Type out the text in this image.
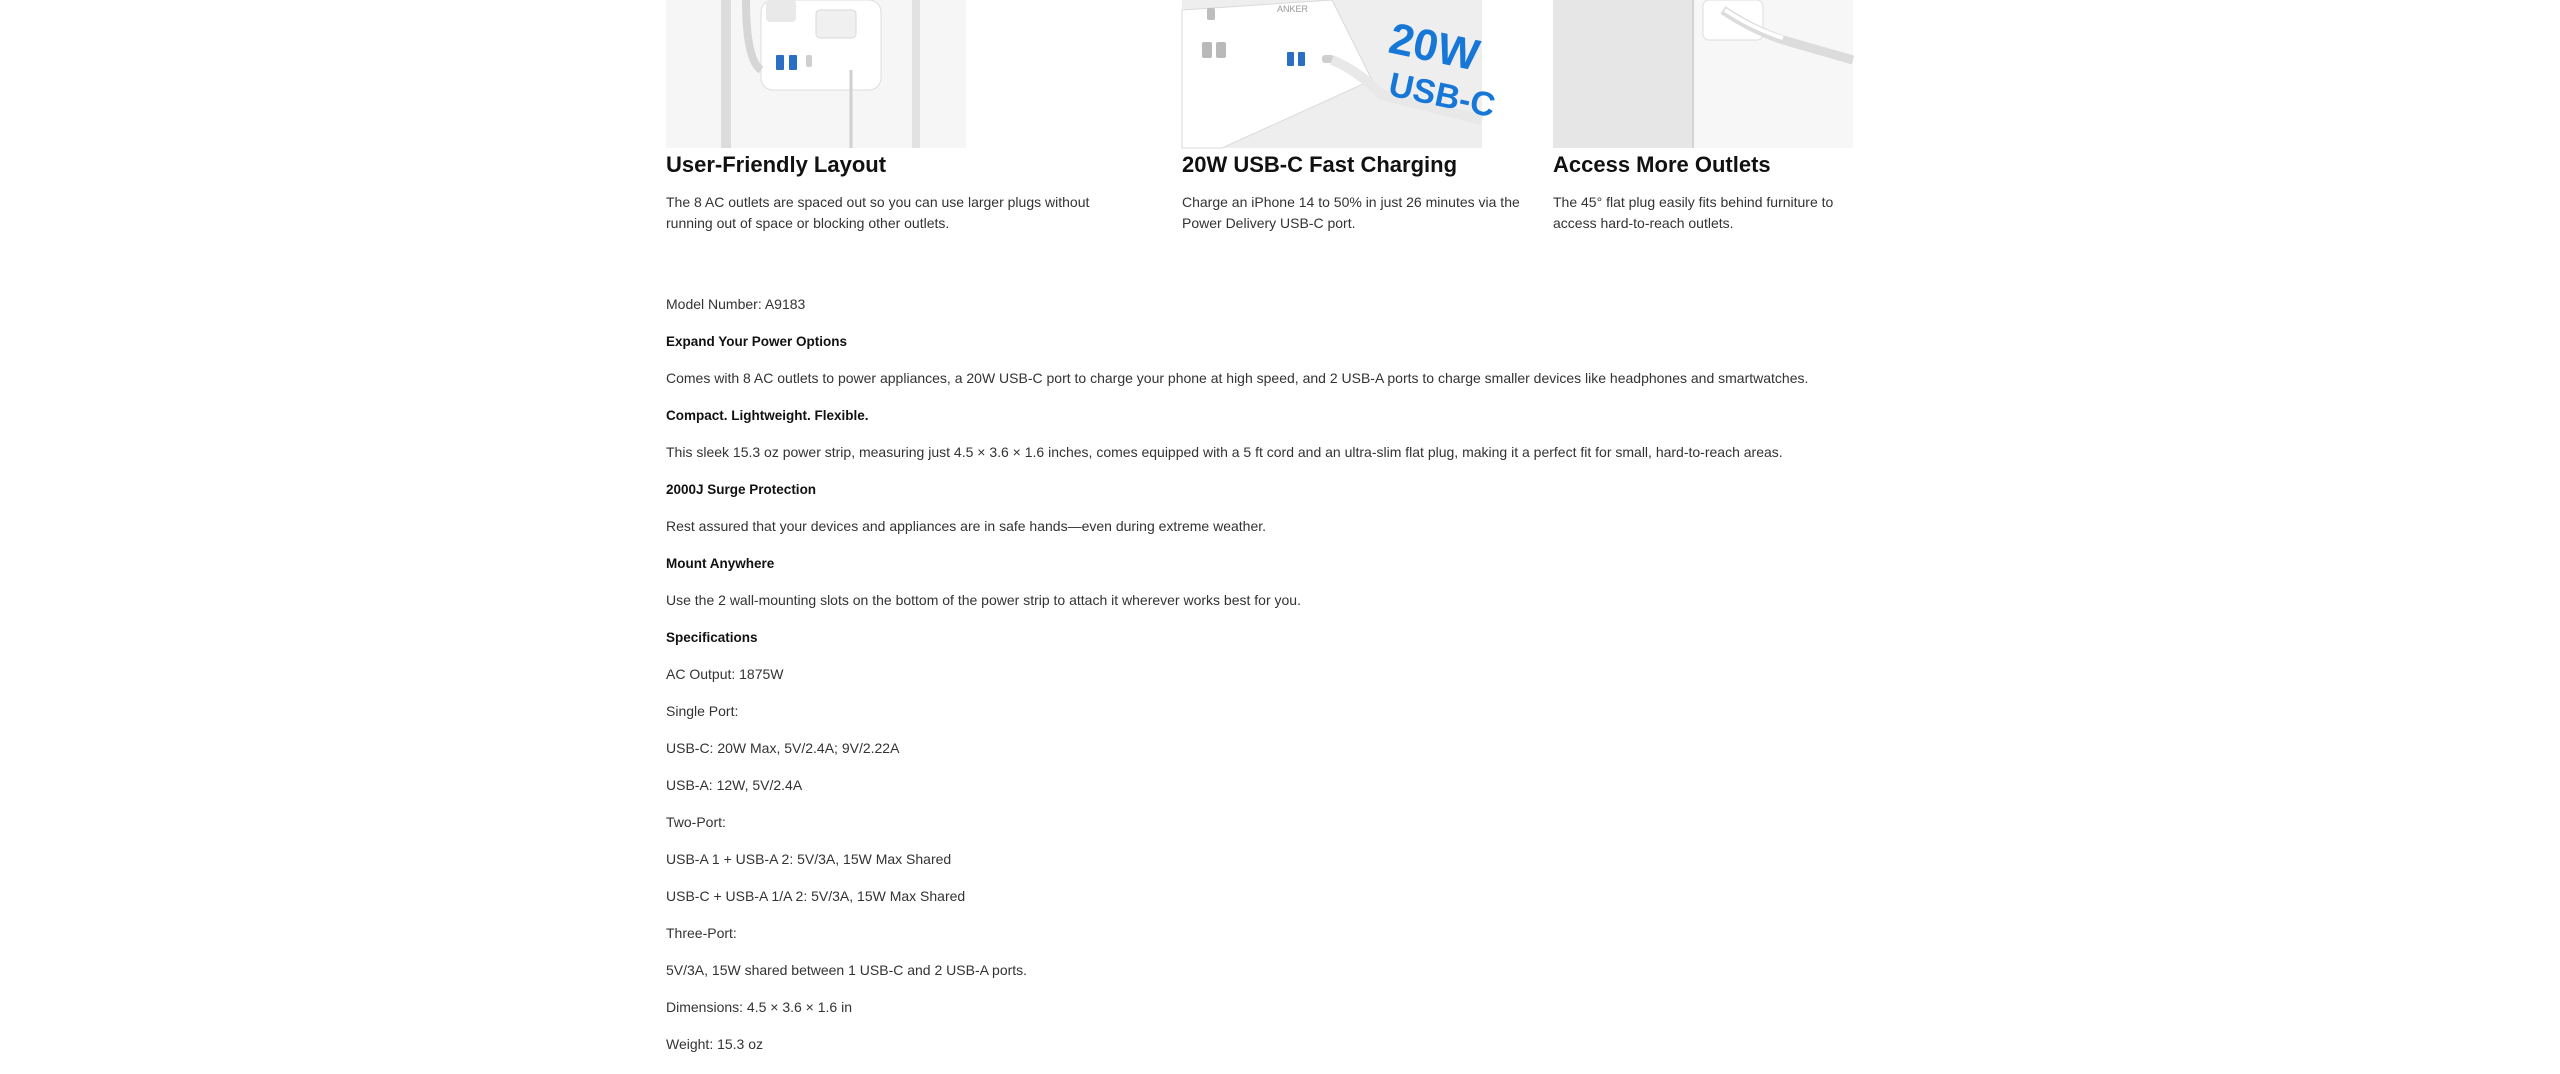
User-Friendly Layout

The 8 AC outlets are spaced out so you can use larger plugs without running out of space or blocking other outlets.

ANKER
20W
USB-C
20W USB-C Fast Charging

Charge an iPhone 14 to 50% in just 26 minutes via the Power Delivery USB-C port.

Access More Outlets

The 45° flat plug easily fits behind furniture to access hard-to-reach outlets.

Model Number: A9183

Expand Your Power Options

Comes with 8 AC outlets to power appliances, a 20W USB-C port to charge your phone at high speed, and 2 USB-A ports to charge smaller devices like headphones and smartwatches.

Compact. Lightweight. Flexible.

This sleek 15.3 oz power strip, measuring just 4.5 × 3.6 × 1.6 inches, comes equipped with a 5 ft cord and an ultra-slim flat plug, making it a perfect fit for small, hard-to-reach areas.

2000J Surge Protection

Rest assured that your devices and appliances are in safe hands—even during extreme weather.

Mount Anywhere

Use the 2 wall-mounting slots on the bottom of the power strip to attach it wherever works best for you.

Specifications

AC Output: 1875W

Single Port:

USB-C: 20W Max, 5V/2.4A; 9V/2.22A

USB-A: 12W, 5V/2.4A

Two-Port:

USB-A 1 + USB-A 2: 5V/3A, 15W Max Shared

USB-C + USB-A 1/A 2: 5V/3A, 15W Max Shared

Three-Port:

5V/3A, 15W shared between 1 USB-C and 2 USB-A ports.

Dimensions: 4.5 × 3.6 × 1.6 in

Weight: 15.3 oz
